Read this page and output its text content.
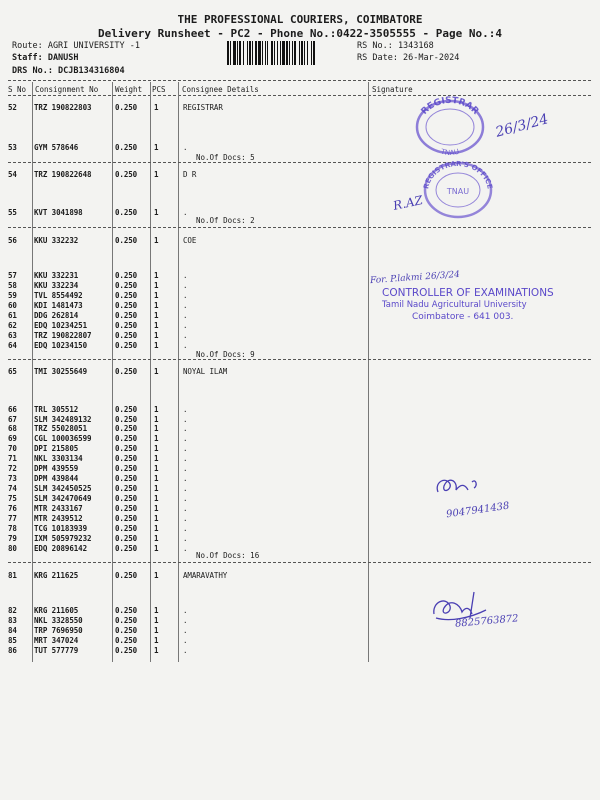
THE PROFESSIONAL COURIERS, COIMBATORE
Delivery Runsheet - PC2 - Phone No.:0422-3505555 - Page No.:4
Route: AGRI UNIVERSITY -1
Staff: DANUSH
DRS No.: DCJB134316804
RS No.: 1343168
RS Date: 26-Mar-2024
S No Consignment No Weight PCS Consignee Details	Signature
52 TRZ 190822803	0.250 1	REGISTRAR
53 GYM 578646	0.250 1	.
No.Of Docs: 5
54 TRZ 190822648	0.250 1	D R
55 KVT 3041898	0.250 1	.
No.Of Docs: 2
56 KKU 332232	0.250 1	COE
57 KKU 332231	0.250 1	.
58 KKU 332234	0.250 1	.
59 TVL 8554492	0.250 1	.
60 KDI 1481473	0.250 1	.
61 DDG 262814	0.250 1	.
62 EDQ 10234251	0.250 1	.
63 TRZ 190822807	0.250 1	.
64 EDQ 10234150	0.250 1	.
No.Of Docs: 9
65 TMI 30255649	0.250 1	NOYAL ILAM
66 TRL 305512	0.250 1	.
67 SLM 342489132	0.250 1	.
68 TRZ 55028051	0.250 1	.
69 CGL 100036599	0.250 1	.
70 DPI 215805	0.250 1	.
71 NKL 3303134	0.250 1	.
72 DPM 439559	0.250 1	.
73 DPM 439844	0.250 1	.
74 SLM 342450525	0.250 1	.
75 SLM 342470649	0.250 1	.
76 MTR 2433167	0.250 1	.
77 MTR 2439512	0.250 1	.
78 TCG 10183939	0.250 1	.
79 IXM 505979232	0.250 1	.
80 EDQ 20896142	0.250 1	.
No.Of Docs: 16
81 KRG 211625	0.250 1	AMARAVATHY
82 KRG 211605	0.250 1	.
83 NKL 3328550	0.250 1	.
84 TRP 7696950	0.250 1	.
85 MRT 347024	0.250 1	.
86 TUT 577779	0.250 1	.
REGISTRAR
TNAU
26/3/24
REGISTRAR'S OFFICE
TNAU
R.AZ
For. P.lakmi 26/3/24
CONTROLLER OF EXAMINATIONS
Tamil Nadu Agricultural University
Coimbatore - 641 003.
9047941438
8825763872
